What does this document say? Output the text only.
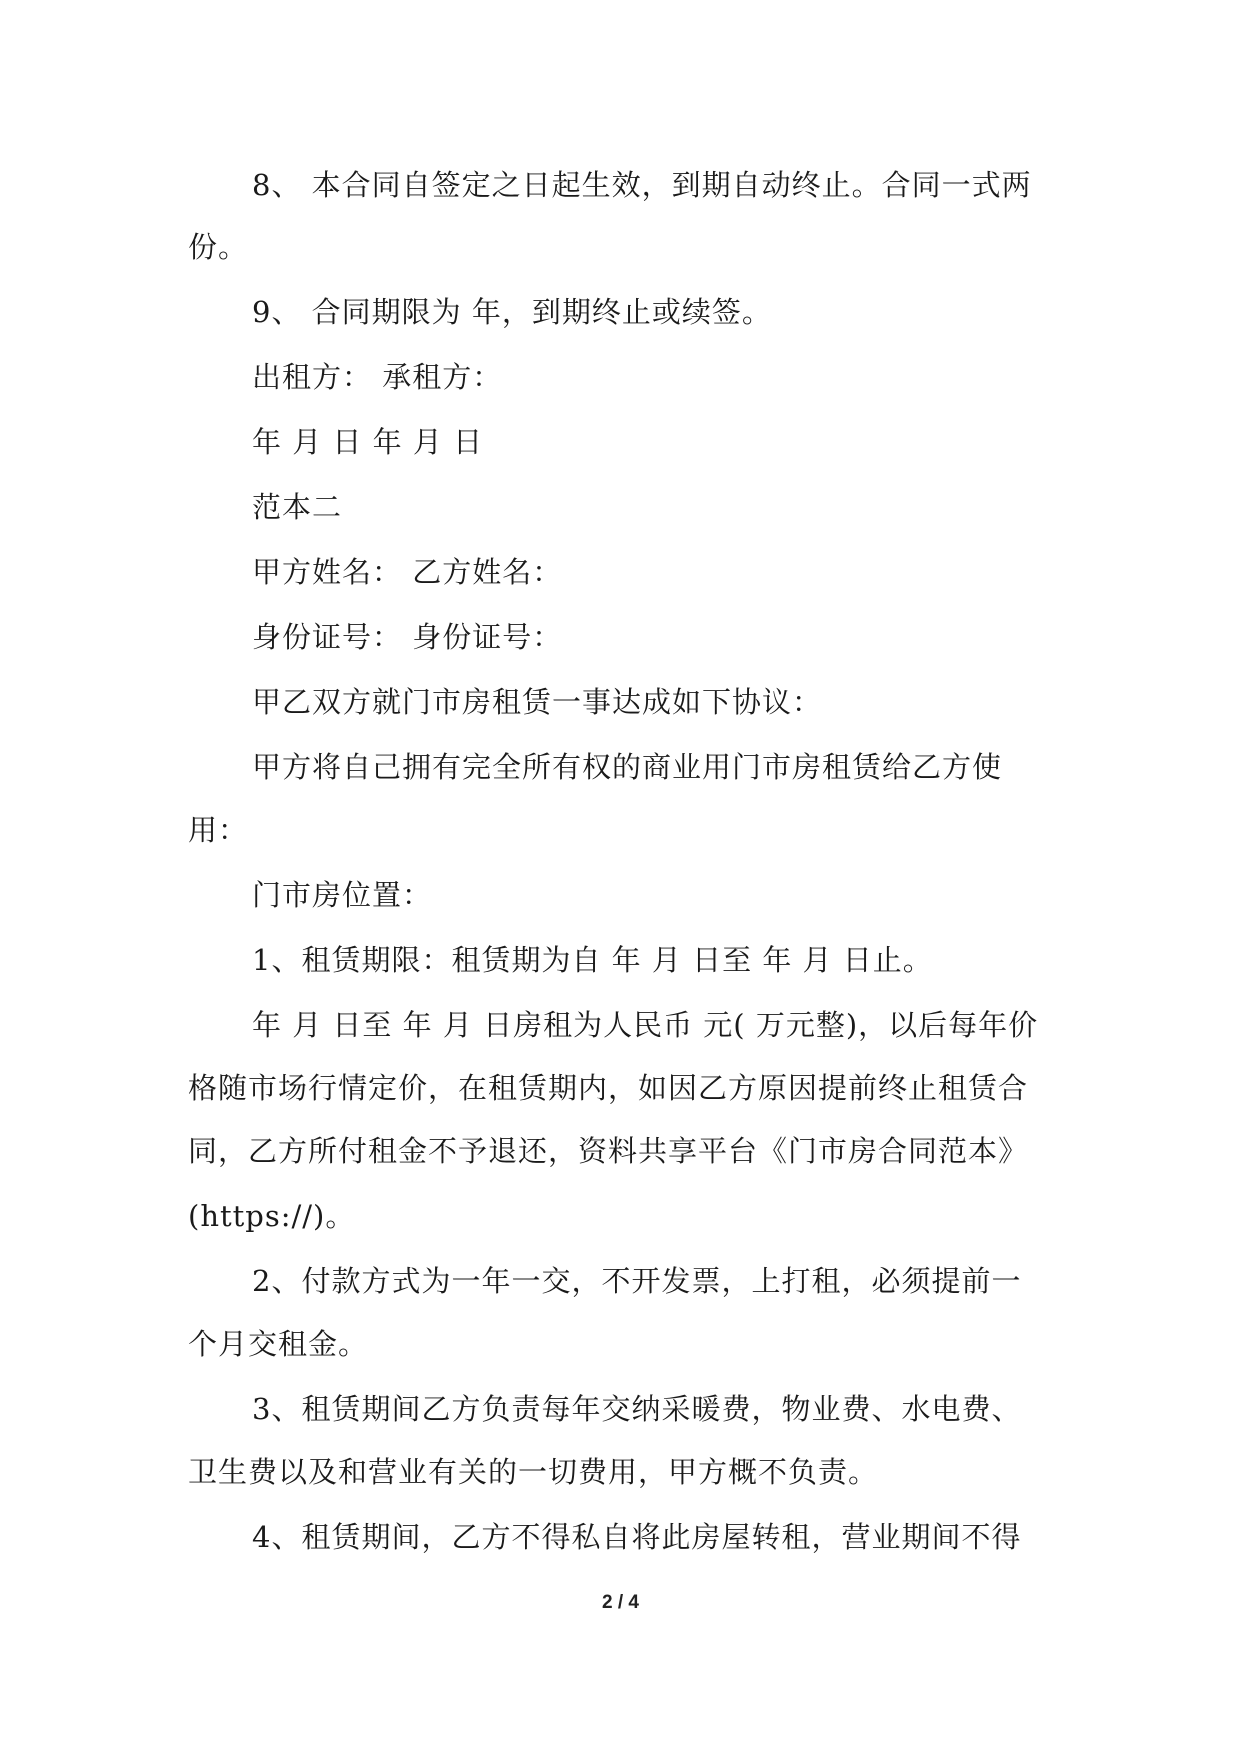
8、 本合同自签定之日起生效，到期自动终止。合同一式两
份。
9、 合同期限为 年，到期终止或续签。
出租方： 承租方：
年 月 日 年 月 日
范本二
甲方姓名： 乙方姓名：
身份证号： 身份证号：
甲乙双方就门市房租赁一事达成如下协议：
甲方将自己拥有完全所有权的商业用门市房租赁给乙方使
用：
门市房位置：
1、租赁期限：租赁期为自 年 月 日至 年 月 日止。
年 月 日至 年 月 日房租为人民币 元( 万元整)，以后每年价
格随市场行情定价，在租赁期内，如因乙方原因提前终止租赁合
同，乙方所付租金不予退还，资料共享平台《门市房合同范本》
(https://)。
2、付款方式为一年一交，不开发票，上打租，必须提前一
个月交租金。
3、租赁期间乙方负责每年交纳采暖费，物业费、水电费、
卫生费以及和营业有关的一切费用，甲方概不负责。
4、租赁期间，乙方不得私自将此房屋转租，营业期间不得
2 / 4
